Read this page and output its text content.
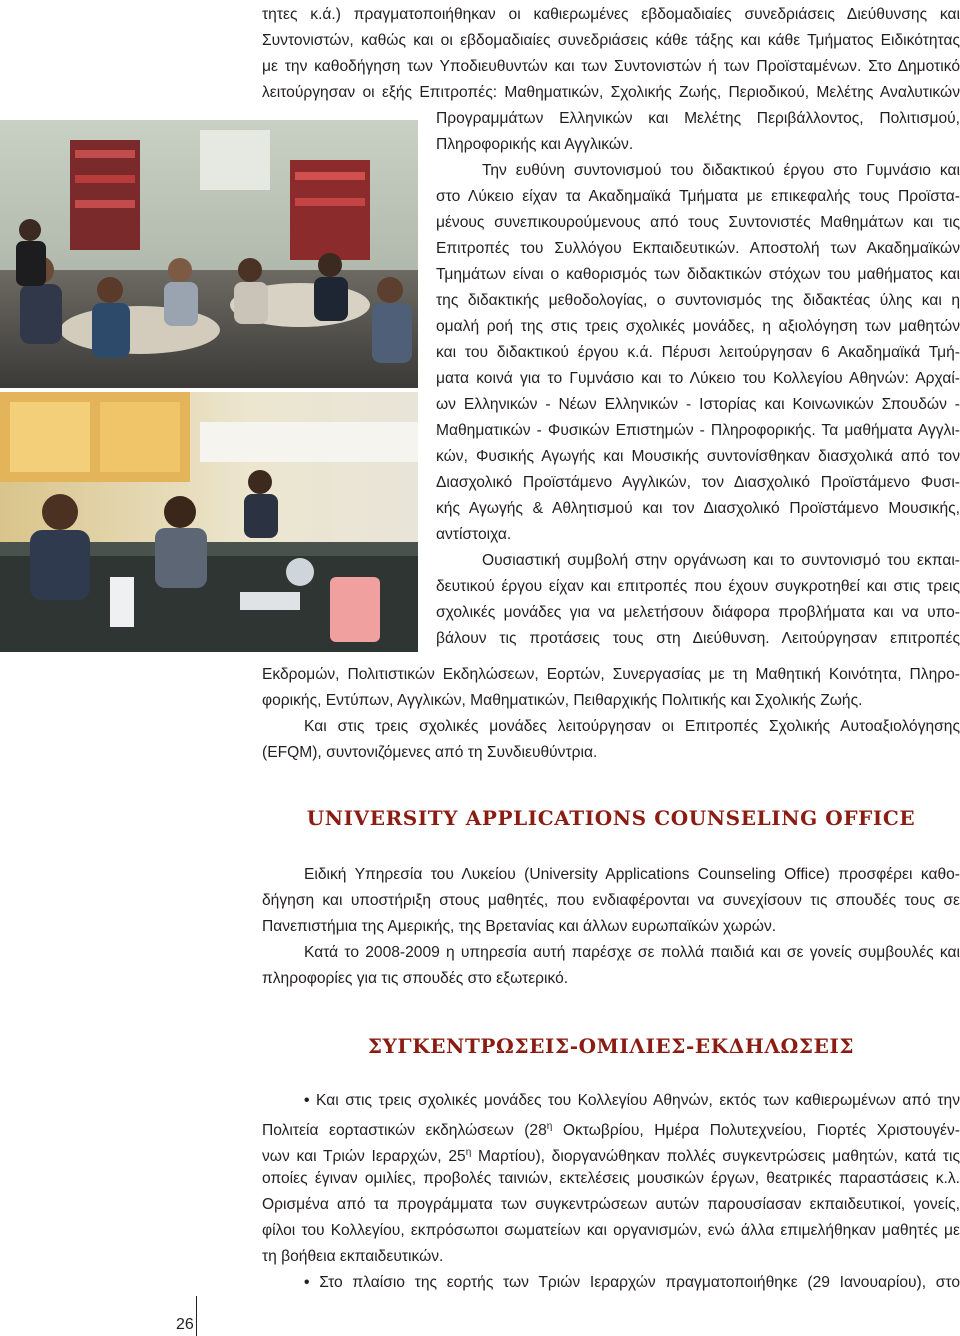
τητες κ.ά.) πραγματοποιήθηκαν οι καθιερωμένες εβδομαδιαίες συνεδριάσεις Διεύθυνσης και
Συντονιστών, καθώς και οι εβδομαδιαίες συνεδριάσεις κάθε τάξης και κάθε Τμήματος Ειδικότητας
με την καθοδήγηση των Υποδιευθυντών και των Συντονιστών ή των Προϊσταμένων. Στο Δημοτικό
λειτούργησαν οι εξής Επιτροπές: Μαθηματικών, Σχολικής Ζωής, Περιοδικού, Μελέτης Αναλυτικών
Προγραμμάτων Ελληνικών και Μελέτης Περιβάλλοντος, Πολιτισμού,
Πληροφορικής και Αγγλικών.
Την ευθύνη συντονισμού του διδακτικού έργου στο Γυμνάσιο και
στο Λύκειο είχαν τα Ακαδημαϊκά Τμήματα με επικεφαλής τους Προϊστα-
μένους συνεπικουρούμενους από τους Συντονιστές Μαθημάτων και τις
Επιτροπές του Συλλόγου Εκπαιδευτικών. Αποστολή των Ακαδημαϊκών
Τμημάτων είναι ο καθορισμός των διδακτικών στόχων του μαθήματος και
της διδακτικής μεθοδολογίας, ο συντονισμός της διδακτέας ύλης και η
ομαλή ροή της στις τρεις σχολικές μονάδες, η αξιολόγηση των μαθητών
και του διδακτικού έργου κ.ά. Πέρυσι λειτούργησαν 6 Ακαδημαϊκά Τμή-
ματα κοινά για το Γυμνάσιο και το Λύκειο του Κολλεγίου Αθηνών: Αρχαί-
ων Ελληνικών - Νέων Ελληνικών - Ιστορίας και Κοινωνικών Σπουδών -
Μαθηματικών - Φυσικών Επιστημών - Πληροφορικής. Τα μαθήματα Αγγλι-
κών, Φυσικής Αγωγής και Μουσικής συντονίσθηκαν διασχολικά από τον
Διασχολικό Προϊστάμενο Αγγλικών, τον Διασχολικό Προϊστάμενο Φυσι-
κής Αγωγής & Αθλητισμού και τον Διασχολικό Προϊστάμενο Μουσικής,
αντίστοιχα.
Ουσιαστική συμβολή στην οργάνωση και το συντονισμό του εκπαι-
δευτικού έργου είχαν και επιτροπές που έχουν συγκροτηθεί και στις τρεις
σχολικές μονάδες για να μελετήσουν διάφορα προβλήματα και να υπο-
βάλουν τις προτάσεις τους στη Διεύθυνση. Λειτούργησαν επιτροπές
Εκδρομών, Πολιτιστικών Εκδηλώσεων, Εορτών, Συνεργασίας με τη Μαθητική Κοινότητα, Πληρο-
φορικής, Εντύπων, Αγγλικών, Μαθηματικών, Πειθαρχικής Πολιτικής και Σχολικής Ζωής.
Και στις τρεις σχολικές μονάδες λειτούργησαν οι Επιτροπές Σχολικής Αυτοαξιολόγησης
(EFQM), συντονιζόμενες από τη Συνδιευθύντρια.
UNIVERSITY APPLICATIONS COUNSELING OFFICE
Ειδική Υπηρεσία του Λυκείου (University Applications Counseling Office) προσφέρει καθο-
δήγηση και υποστήριξη στους μαθητές, που ενδιαφέρονται να συνεχίσουν τις σπουδές τους σε
Πανεπιστήμια της Αμερικής, της Βρετανίας και άλλων ευρωπαϊκών χωρών.
Κατά το 2008-2009 η υπηρεσία αυτή παρέσχε σε πολλά παιδιά και σε γονείς συμβουλές και
πληροφορίες για τις σπουδές στο εξωτερικό.
ΣΥΓΚΕΝΤΡΩΣΕΙΣ-ΟΜΙΛΙΕΣ-ΕΚΔΗΛΩΣΕΙΣ
• Και στις τρεις σχολικές μονάδες του Κολλεγίου Αθηνών, εκτός των καθιερωμένων από την
Πολιτεία εορταστικών εκδηλώσεων ($28^\eta$ Οκτωβρίου, Ημέρα Πολυτεχνείου, Γιορτές Χριστουγέν-
νων και Τριών Ιεραρχών, $25^\eta$ Μαρτίου), διοργανώθηκαν πολλές συγκεντρώσεις μαθητών, κατά τις
οποίες έγιναν ομιλίες, προβολές ταινιών, εκτελέσεις μουσικών έργων, θεατρικές παραστάσεις κ.λ.
Ορισμένα από τα προγράμματα των συγκεντρώσεων αυτών παρουσίασαν εκπαιδευτικοί, γονείς,
φίλοι του Κολλεγίου, εκπρόσωποι σωματείων και οργανισμών, ενώ άλλα επιμελήθηκαν μαθητές με
τη βοήθεια εκπαιδευτικών.
• Στο πλαίσιο της εορτής των Τριών Ιεραρχών πραγματοποιήθηκε (29 Ιανουαρίου), στο
26
